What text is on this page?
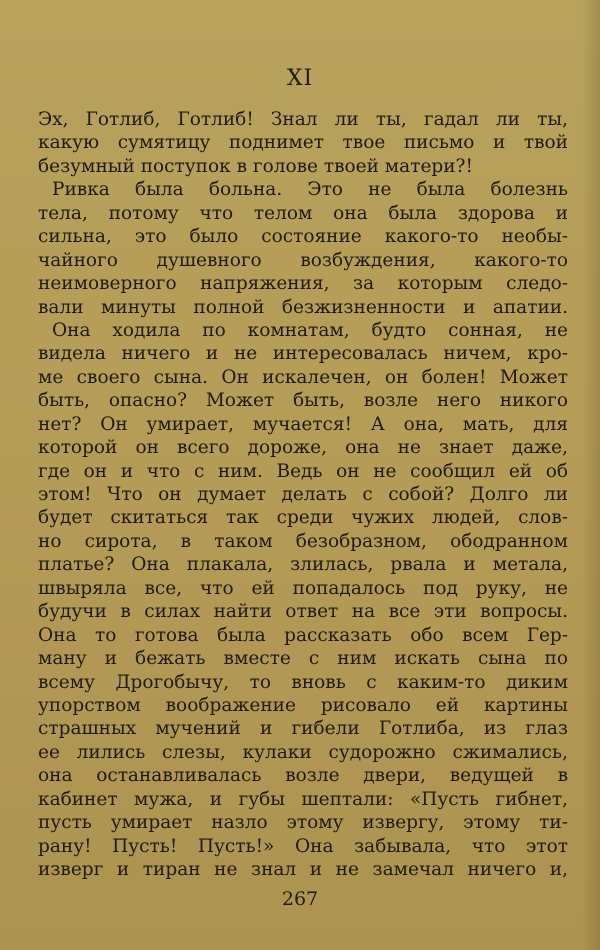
XI
Эх, Готлиб, Готлиб! Знал ли ты, гадал ли ты,
какую сумятицу поднимет твое письмо и твой
безумный поступок в голове твоей матери?!
Ривка была больна. Это не была болезнь
тела, потому что телом она была здорова и
сильна, это было состояние какого-то необы-
чайного душевного возбуждения, какого-то
неимоверного напряжения, за которым следо-
вали минуты полной безжизненности и апатии.
Она ходила по комнатам, будто сонная, не
видела ничего и не интересовалась ничем, кро-
ме своего сына. Он искалечен, он болен! Может
быть, опасно? Может быть, возле него никого
нет? Он умирает, мучается! А она, мать, для
которой он всего дороже, она не знает даже,
где он и что с ним. Ведь он не сообщил ей об
этом! Что он думает делать с собой? Долго ли
будет скитаться так среди чужих людей, слов-
но сирота, в таком безобразном, ободранном
платье? Она плакала, злилась, рвала и метала,
швыряла все, что ей попадалось под руку, не
будучи в силах найти ответ на все эти вопросы.
Она то готова была рассказать обо всем Гер-
ману и бежать вместе с ним искать сына по
всему Дрогобычу, то вновь с каким-то диким
упорством воображение рисовало ей картины
страшных мучений и гибели Готлиба, из глаз
ее лились слезы, кулаки судорожно сжимались,
она останавливалась возле двери, ведущей в
кабинет мужа, и губы шептали: «Пусть гибнет,
пусть умирает назло этому извергу, этому ти-
рану! Пусть! Пусть!» Она забывала, что этот
изверг и тиран не знал и не замечал ничего и,
267
